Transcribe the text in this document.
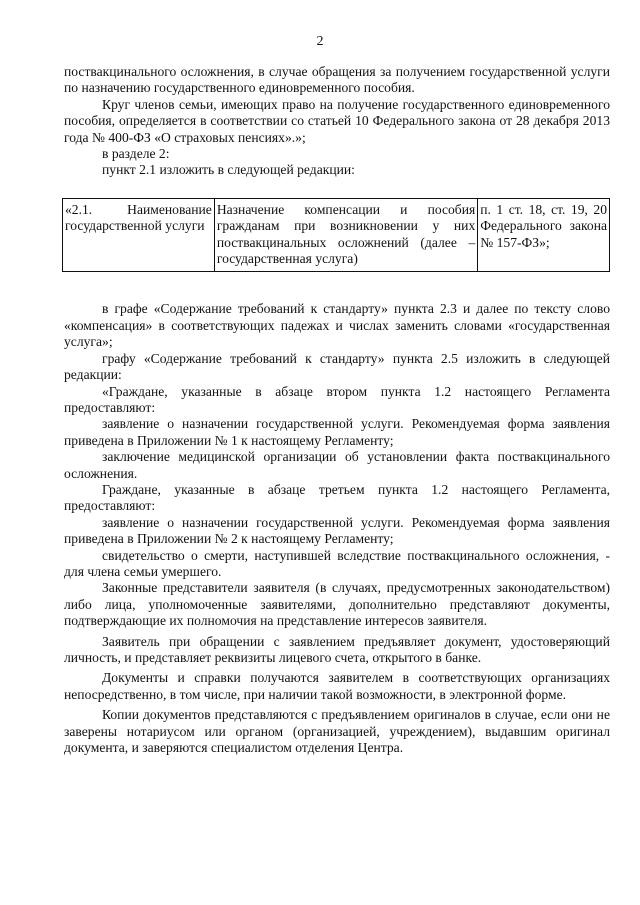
2

поствакцинального осложнения, в случае обращения за получением государственной услуги по назначению государственного единовременного пособия.

Круг членов семьи, имеющих право на получение государственного единовременного пособия, определяется в соответствии со статьей 10 Федерального закона от 28 декабря 2013 года № 400-ФЗ «О страховых пенсиях».»;

в разделе 2:

пункт 2.1 изложить в следующей редакции:

«2.1. Наименование государственной услуги	Назначение компенсации и пособия гражданам при возникновении у них поствакцинальных осложнений (далее – государственная услуга)	п. 1 ст. 18, ст. 19, 20 Федерального закона № 157-ФЗ»;

в графе «Содержание требований к стандарту» пункта 2.3 и далее по тексту слово «компенсация» в соответствующих падежах и числах заменить словами «государственная услуга»;

графу «Содержание требований к стандарту» пункта 2.5 изложить в следующей редакции:

«Граждане, указанные в абзаце втором пункта 1.2 настоящего Регламента предоставляют:

заявление о назначении государственной услуги. Рекомендуемая форма заявления приведена в Приложении № 1 к настоящему Регламенту;

заключение медицинской организации об установлении факта поствакцинального осложнения.

Граждане, указанные в абзаце третьем пункта 1.2 настоящего Регламента, предоставляют:

заявление о назначении государственной услуги. Рекомендуемая форма заявления приведена в Приложении № 2 к настоящему Регламенту;

свидетельство о смерти, наступившей вследствие поствакцинального осложнения, - для члена семьи умершего.

Законные представители заявителя (в случаях, предусмотренных законодательством) либо лица, уполномоченные заявителями, дополнительно представляют документы, подтверждающие их полномочия на представление интересов заявителя.

Заявитель при обращении с заявлением предъявляет документ, удостоверяющий личность, и представляет реквизиты лицевого счета, открытого в банке.

Документы и справки получаются заявителем в соответствующих организациях непосредственно, в том числе, при наличии такой возможности, в электронной форме.

Копии документов представляются с предъявлением оригиналов в случае, если они не заверены нотариусом или органом (организацией, учреждением), выдавшим оригинал документа, и заверяются специалистом отделения Центра.
